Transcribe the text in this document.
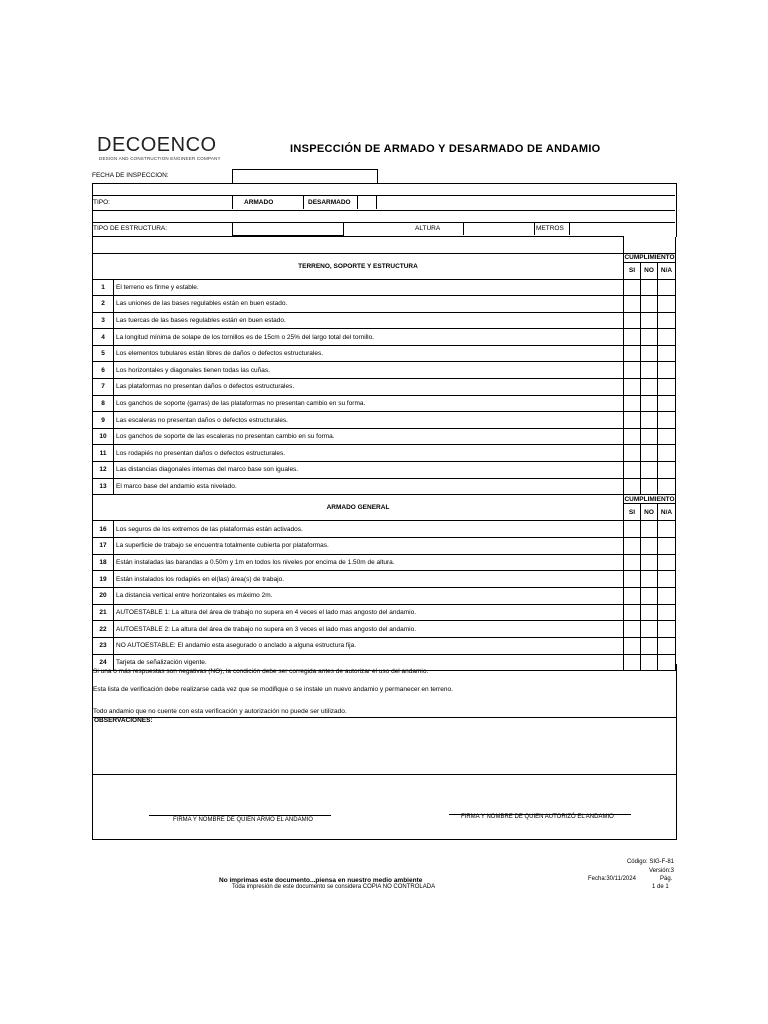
DECOENCO
DESIGN AND CONSTRUCTION ENGINEER COMPANY
INSPECCIÓN DE ARMADO Y DESARMADO DE ANDAMIO
FECHA DE INSPECCION:
TIPO:	ARMADO	DESARMADO
TIPO DE ESTRUCTURA:	ALTURA	METROS

TERRENO, SOPORTE Y ESTRUCTURA		CUMPLIMIENTO		
		SI	NO	N/A
1	El terreno es firme y estable.			
2	Las uniones de las bases regulables están en buen estado.			
3	Las tuercas de las bases regulables están en buen estado.			
4	La longitud mínima de solape de los tornillos es de 15cm o 25% del largo total del tornillo.			
5	Los elementos tubulares están libres de daños o defectos estructurales.			
6	Los horizontales y diagonales tienen todas las cuñas.			
7	Las plataformas no presentan daños o defectos estructurales.			
8	Los ganchos de soporte (garras) de las plataformas no presentan cambio en su forma.			
9	Las escaleras no presentan daños o defectos estructurales.			
10	Los ganchos de soporte de las escaleras no presentan cambio en su forma.			
11	Los rodapiés no presentan daños o defectos estructurales.			
12	Las distancias diagonales internas del marco base son iguales.			
13	El marco base del andamio esta nivelado.			
ARMADO GENERAL		CUMPLIMIENTO		
		SI	NO	N/A
16	Los seguros de los extremos de las plataformas están activados.			
17	La superficie de trabajo se encuentra totalmente cubierta por plataformas.			
18	Están instaladas las barandas a 0.50m y 1m en todos los niveles por encima de 1.50m de altura.			
19	Están instalados los rodapiés en el(las) área(s) de trabajo.			
20	La distancia vertical entre horizontales es máximo 2m.			
21	AUTOESTABLE 1: La altura del área de trabajo no supera en 4 veces el lado mas angosto del andamio.			
22	AUTOESTABLE 2: La altura del área de trabajo no supera en 3 veces el lado mas angosto del andamio.			
23	NO AUTOESTABLE: El andamio esta asegurado o anclado a alguna estructura fija.			
24	Tarjeta de señalización vigente.			
Si una o más respuestas son negativas (NO), la condición debe ser corregida antes de autorizar el uso del andamio.
Esta lista de verificación debe realizarse cada vez que se modifique o se instale un nuevo andamio y permanecer en terreno.
Todo andamio que no cuente con esta verificación y autorización no puede ser utilizado.
OBSERVACIONES:
FIRMA Y NOMBRE DE QUIEN ARMO EL ANDAMIO	FIRMA Y NOMBRE DE QUIEN AUTORIZÓ EL ANDAMIO
No imprimas este documento...piensa en nuestro medio ambiente
Toda impresión de este documento se considera COPIA NO CONTROLADA
Código: SIG-F-81
Versión:3
Fecha:30/11/2024	Pág.
1 de 1
